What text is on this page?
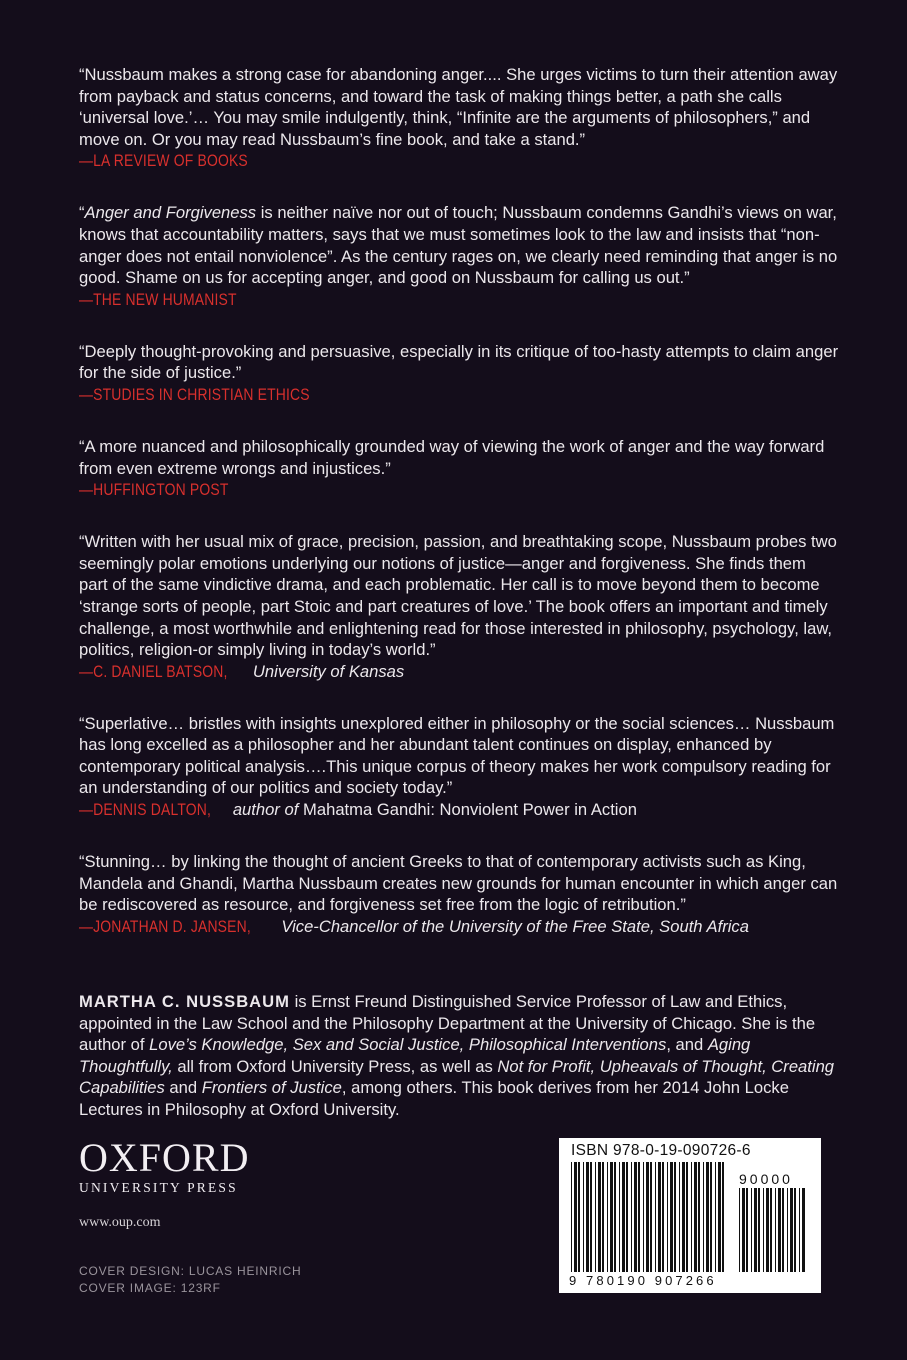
“Nussbaum makes a strong case for abandoning anger.... She urges victims to turn their attention away from payback and status concerns, and toward the task of making things better, a path she calls ‘universal love.’… You may smile indulgently, think, “Infinite are the arguments of philosophers,” and move on. Or you may read Nussbaum’s fine book, and take a stand.”

—LA REVIEW OF BOOKS

“Anger and Forgiveness is neither naïve nor out of touch; Nussbaum condemns Gandhi’s views on war, knows that accountability matters, says that we must sometimes look to the law and insists that “non-anger does not entail nonviolence”. As the century rages on, we clearly need reminding that anger is no good. Shame on us for accepting anger, and good on Nussbaum for calling us out.”

—THE NEW HUMANIST

“Deeply thought-provoking and persuasive, especially in its critique of too-hasty attempts to claim anger for the side of justice.”

—STUDIES IN CHRISTIAN ETHICS

“A more nuanced and philosophically grounded way of viewing the work of anger and the way forward from even extreme wrongs and injustices.”

—HUFFINGTON POST

“Written with her usual mix of grace, precision, passion, and breathtaking scope, Nussbaum probes two seemingly polar emotions underlying our notions of justice—anger and forgiveness. She finds them part of the same vindictive drama, and each problematic. Her call is to move beyond them to become ‘strange sorts of people, part Stoic and part creatures of love.’ The book offers an important and timely challenge, a most worthwhile and enlightening read for those interested in philosophy, psychology, law, politics, religion-or simply living in today’s world.”

—C. DANIEL BATSON, University of Kansas

“Superlative… bristles with insights unexplored either in philosophy or the social sciences… Nussbaum has long excelled as a philosopher and her abundant talent continues on display, enhanced by contemporary political analysis….This unique corpus of theory makes her work compulsory reading for an understanding of our politics and society today.”

—DENNIS DALTON, author of Mahatma Gandhi: Nonviolent Power in Action

“Stunning… by linking the thought of ancient Greeks to that of contemporary activists such as King, Mandela and Ghandi, Martha Nussbaum creates new grounds for human encounter in which anger can be rediscovered as resource, and forgiveness set free from the logic of retribution.”

—JONATHAN D. JANSEN, Vice-Chancellor of the University of the Free State, South Africa

MARTHA C. NUSSBAUM is Ernst Freund Distinguished Service Professor of Law and Ethics, appointed in the Law School and the Philosophy Department at the University of Chicago. She is the author of Love’s Knowledge, Sex and Social Justice, Philosophical Interventions, and Aging Thoughtfully, all from Oxford University Press, as well as Not for Profit, Upheavals of Thought, Creating Capabilities and Frontiers of Justice, among others. This book derives from her 2014 John Locke Lectures in Philosophy at Oxford University.

OXFORD
UNIVERSITY PRESS
www.oup.com
COVER DESIGN: LUCAS HEINRICH
COVER IMAGE: 123RF
ISBN 978-0-19-090726-6
90000
9 780190 907266
